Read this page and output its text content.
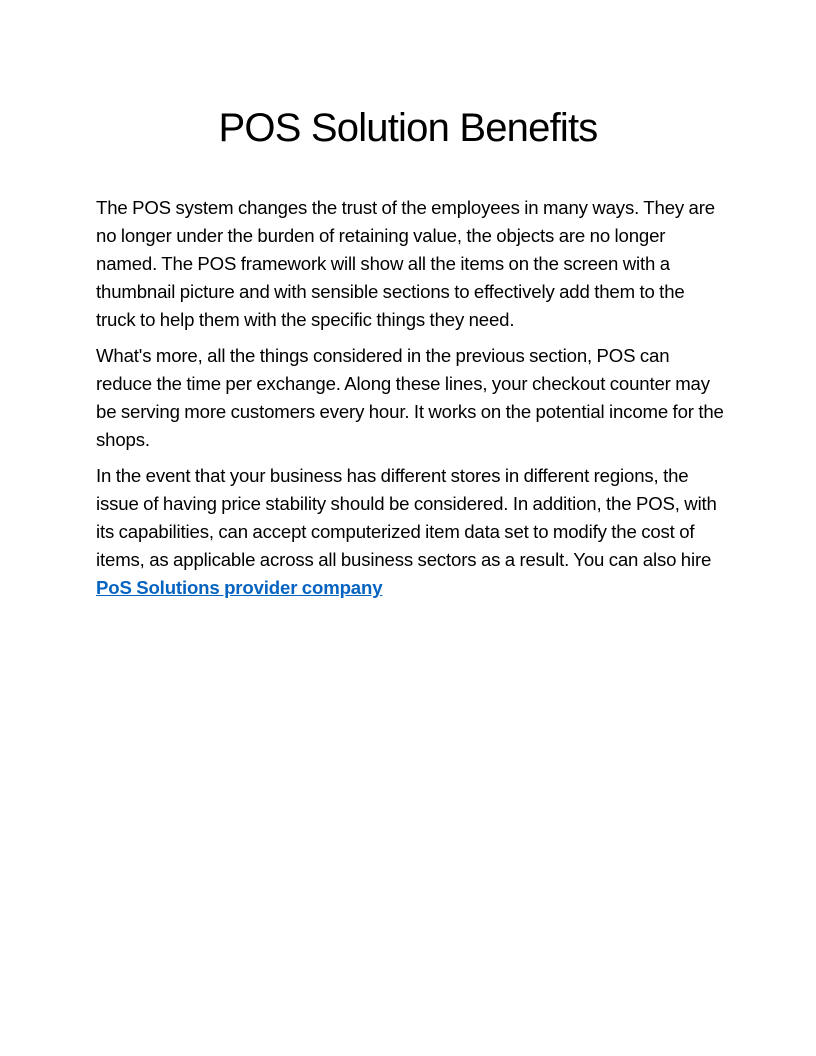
POS Solution Benefits

The POS system changes the trust of the employees in many ways. They are no longer under the burden of retaining value, the objects are no longer named. The POS framework will show all the items on the screen with a thumbnail picture and with sensible sections to effectively add them to the truck to help them with the specific things they need.

What's more, all the things considered in the previous section, POS can reduce the time per exchange. Along these lines, your checkout counter may be serving more customers every hour. It works on the potential income for the shops.

In the event that your business has different stores in different regions, the issue of having price stability should be considered. In addition, the POS, with its capabilities, can accept computerized item data set to modify the cost of items, as applicable across all business sectors as a result. You can also hire PoS Solutions provider company
